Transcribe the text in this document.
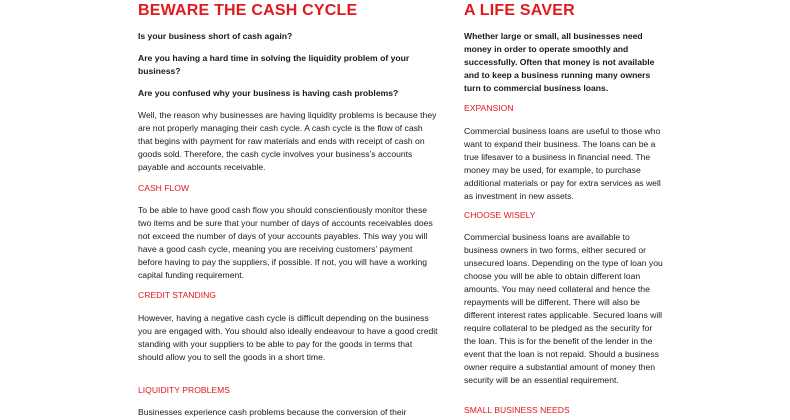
BEWARE THE CASH CYCLE

Is your business short of cash again?

Are you having a hard time in solving the liquidity problem of your business?

Are you confused why your business is having cash problems?

Well, the reason why businesses are having liquidity problems is because they are not properly managing their cash cycle. A cash cycle is the flow of cash that begins with payment for raw materials and ends with receipt of cash on goods sold. Therefore, the cash cycle involves your business’s accounts payable and accounts receivable.

CASH FLOW

To be able to have good cash flow you should conscientiously monitor these two items and be sure that your number of days of accounts receivables does not exceed the number of days of your accounts payables. This way you will have a good cash cycle, meaning you are receiving customers’ payment before having to pay the suppliers, if possible. If not, you will have a working capital funding requirement.

CREDIT STANDING

However, having a negative cash cycle is difficult depending on the business you are engaged with. You should also ideally endeavour to have a good credit standing with your suppliers to be able to pay for the goods in terms that should allow you to sell the goods in a short time.

LIQUIDITY PROBLEMS

Businesses experience cash problems because the conversion of their

A LIFE SAVER

Whether large or small, all businesses need money in order to operate smoothly and successfully. Often that money is not available and to keep a business running many owners turn to commercial business loans.

EXPANSION

Commercial business loans are useful to those who want to expand their business. The loans can be a true lifesaver to a business in financial need. The money may be used, for example, to purchase additional materials or pay for extra services as well as investment in new assets.

CHOOSE WISELY

Commercial business loans are available to business owners in two forms, either secured or unsecured loans. Depending on the type of loan you choose you will be able to obtain different loan amounts. You may need collateral and hence the repayments will be different. There will also be different interest rates applicable. Secured loans will require collateral to be pledged as the security for the loan. This is for the benefit of the lender in the event that the loan is not repaid. Should a business owner require a substantial amount of money then security will be an essential requirement.

SMALL BUSINESS NEEDS
